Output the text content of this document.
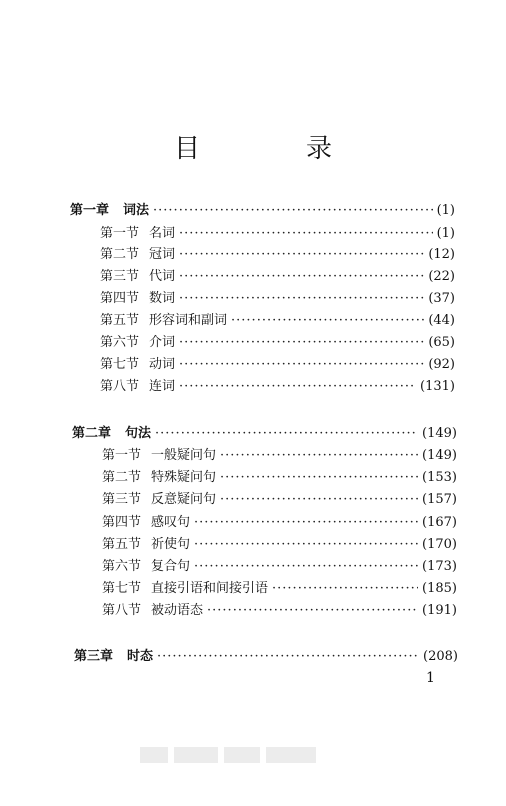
目　录
第一章 词法 ·····	(1)
第一节 名词 ·····	(1)
第二节 冠词 ·····	(12)
第三节 代词 ·····	(22)
第四节 数词 ·····	(37)
第五节 形容词和副词 ·····	(44)
第六节 介词 ·····	(65)
第七节 动词 ·····	(92)
第八节 连词 ·····	(131)
第二章 句法 ·····	(149)
第一节 一般疑问句 ·····	(149)
第二节 特殊疑问句 ·····	(153)
第三节 反意疑问句 ·····	(157)
第四节 感叹句 ·····	(167)
第五节 祈使句 ·····	(170)
第六节 复合句 ·····	(173)
第七节 直接引语和间接引语 ·····	(185)
第八节 被动语态 ·····	(191)
第三章 时态 ·····	(208)
1
